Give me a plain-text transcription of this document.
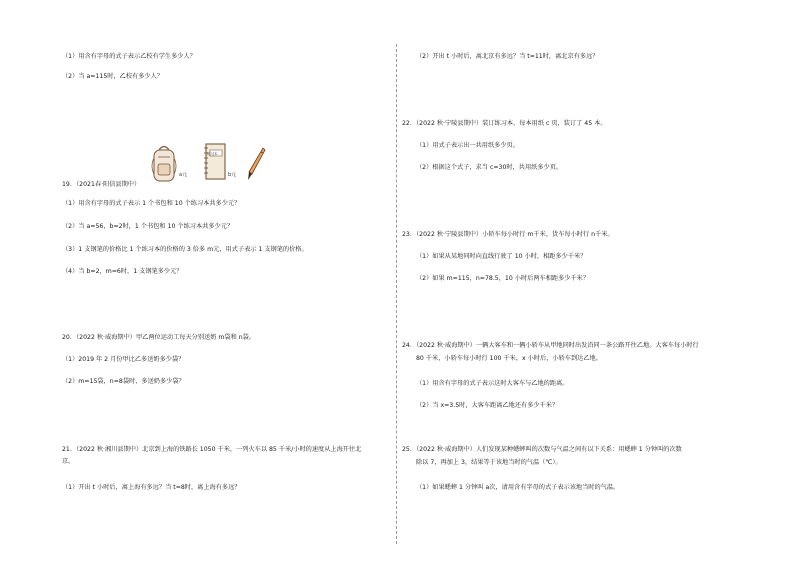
（1）用含有字母的式子表示乙校有学生多少人？
（2）当 a=115时，乙校有多少人？
a元
练习本
b元
19．（2021春·阳信县期中）
（1）用含有字母的式子表示 1 个书包和 10 个练习本共多少元？
（2）当 a=56，b=2时，1 个书包和 10 个练习本共多少元？
（3）1 支钢笔的价格比 1 个练习本的价格的 3 倍多 m元，用式子表示 1 支钢笔的价格。
（4）当 b=2，m=6时，1 支钢笔多少元？
20．（2022 秋·威海期中）甲乙两位运动工每天分别送奶 m袋和 n袋。
（1）2019 年 2 月份甲比乙多送奶多少袋？
（2）m=15袋，n=8袋时，多送奶多少袋？
21．（2022 秋·湘川县期中）北京到上海的铁路长 1050 千米，一列火车以 85 千米/小时的速度从上海开往北
京。
（1）开出 t 小时后，离上海有多远？当 t=8时，离上海有多远？
（2）开出 t 小时后，离北京有多远？当 t=11时，离北京有多远？
22．（2022 秋·宁陵县期中）装订练习本，每本用纸 c 页，装订了 45 本。
（1）用式子表示出一共用纸多少页。
（2）根据这个式子，求当 c=30时，共用纸多少页。
23．（2022 秋·宁陵县期中）小轿车每小时行 m千米，货车每小时行 n千米。
（1）如果从某地同时向直线行驶了 10 小时，相距多少千米？
（2）如果 m=115，n=78.5，10 小时后两车相距多少千米？
24．（2022 秋·威海期中）一辆大客车和一辆小轿车从甲地同时出发沿同一条公路开往乙地。大客车每小时行
80 千米，小轿车每小时行 100 千米，x 小时后，小轿车到达乙地。
（1）用含有字母的式子表示这时大客车与乙地的距离。
（2）当 x=3.5时，大客车距离乙地还有多少千米？
25．（2022 秋·威海期中）人们发现某种蟋蟀叫的次数与气温之间有以下关系：用蟋蟀 1 分钟叫的次数
除以 7，再加上 3，结果等于该地当时的气温（℃）。
（1）如果蟋蟀 1 分钟叫 a次，请用含有字母的式子表示该地当时的气温。
